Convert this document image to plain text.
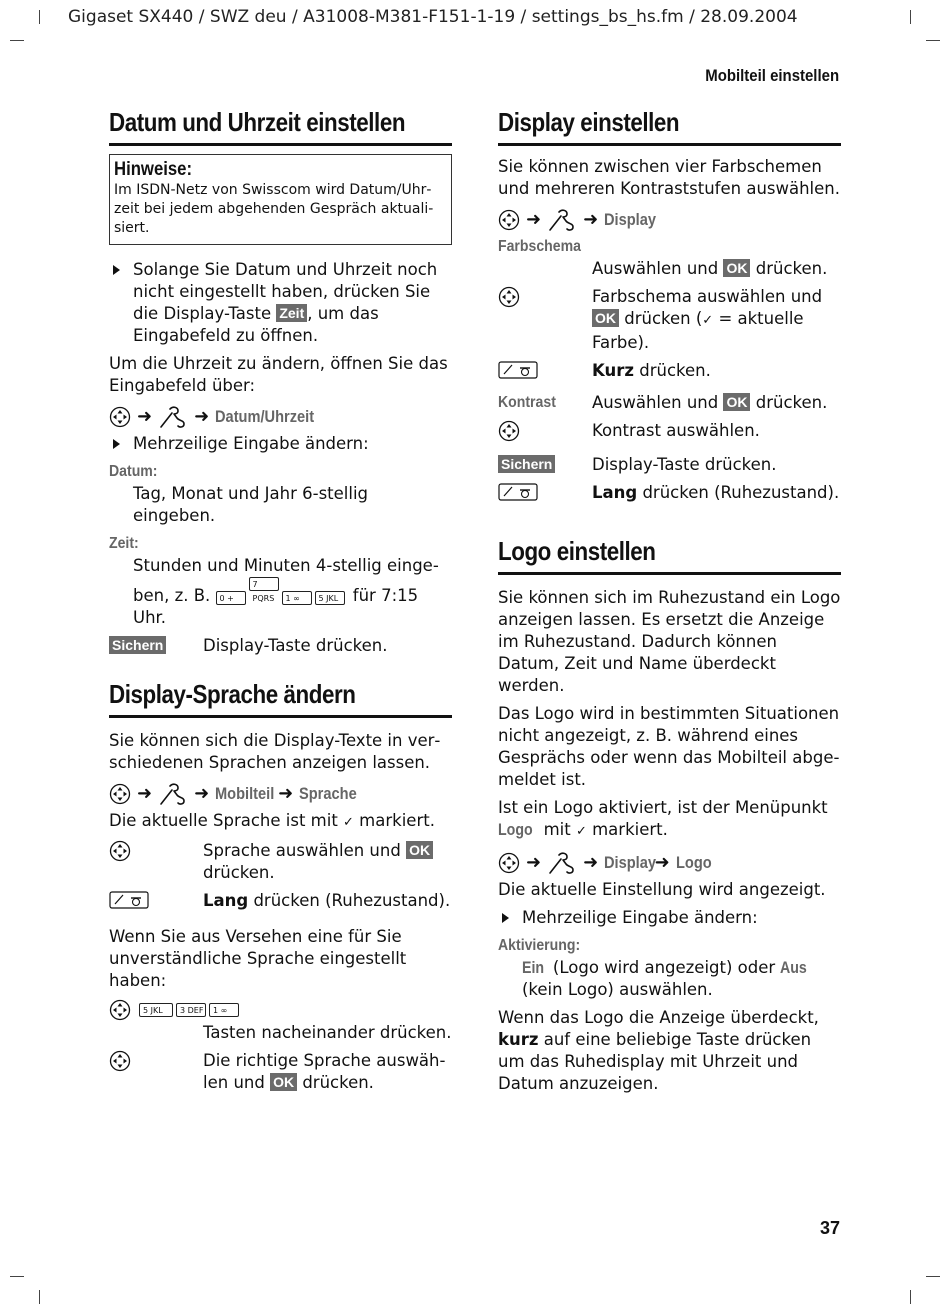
Gigaset SX440 / SWZ deu / A31008-M381-F151-1-19 / settings_bs_hs.fm / 28.09.2004
Mobilteil einstellen
Datum und Uhrzeit einstellen
Hinweise:
Im ISDN-Netz von Swisscom wird Datum/Uhrzeit bei jedem abgehenden Gespräch aktualisiert.
Solange Sie Datum und Uhrzeit noch nicht eingestellt haben, drücken Sie die Display-Taste Zeit , um das Eingabefeld zu öffnen.

Um die Uhrzeit zu ändern, öffnen Sie das Eingabefeld über:

➜ ➜ Datum/Uhrzeit
Mehrzeilige Eingabe ändern:
Datum:
Tag, Monat und Jahr 6-stellig eingeben.
Zeit:
Stunden und Minuten 4-stellig eingeben, z. B. 0 +7 PQRS 1 ∞ 5 JKL für 7:15 Uhr.
Sichern	Display-Taste drücken.
Display-Sprache ändern

Sie können sich die Display-Texte in verschiedenen Sprachen anzeigen lassen.

➜ ➜ Mobilteil ➜ Sprache

Die aktuelle Sprache ist mit ✓ markiert.

Sprache auswählen und OK drücken.
Lang drücken (Ruhezustand).

Wenn Sie aus Versehen eine für Sie unverständliche Sprache eingestellt haben:

5 JKL	3 DEF	1 ∞
Tasten nacheinander drücken.
Die richtige Sprache auswählen und OK drücken.
Display einstellen

Sie können zwischen vier Farbschemen und mehreren Kontraststufen auswählen.

➜ ➜ Display
Farbschema
Auswählen und OK drücken.
Farbschema auswählen und OK drücken (✓ = aktuelle Farbe).
Kurz drücken.
Kontrast	Auswählen und OK drücken.
Kontrast auswählen.
Sichern	Display-Taste drücken.
Lang drücken (Ruhezustand).
Logo einstellen

Sie können sich im Ruhezustand ein Logo anzeigen lassen. Es ersetzt die Anzeige im Ruhezustand. Dadurch können Datum, Zeit und Name überdeckt werden.

Das Logo wird in bestimmten Situationen nicht angezeigt, z. B. während eines Gesprächs oder wenn das Mobilteil abgemeldet ist.

Ist ein Logo aktiviert, ist der Menüpunkt Logo mit ✓ markiert.

➜ ➜ Display
➜ Logo

Die aktuelle Einstellung wird angezeigt.

Mehrzeilige Eingabe ändern:
Aktivierung:
Ein (Logo wird angezeigt) oder Aus (kein Logo) auswählen.

Wenn das Logo die Anzeige überdeckt, kurz auf eine beliebige Taste drücken um das Ruhedisplay mit Uhrzeit und Datum anzuzeigen.

37
